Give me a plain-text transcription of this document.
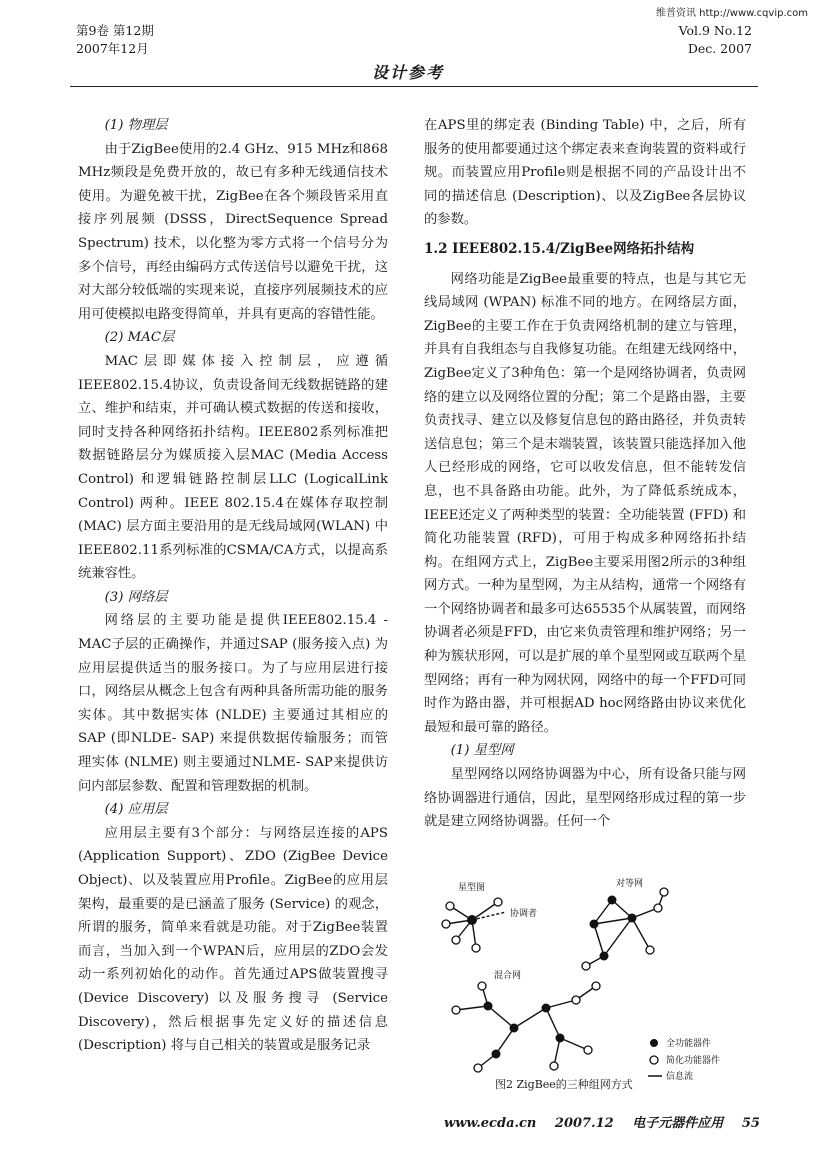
维普资讯 http://www.cqvip.com
第9卷 第12期
2007年12月
设计参考
Vol.9 No.12
Dec. 2007

(1) 物理层

由于ZigBee使用的2.4 GHz、915 MHz和868 MHz频段是免费开放的，故已有多种无线通信技术使用。为避免被干扰，ZigBee在各个频段皆采用直接序列展频 (DSSS，DirectSequence Spread Spectrum) 技术，以化整为零方式将一个信号分为多个信号，再经由编码方式传送信号以避免干扰，这对大部分较低端的实现来说，直接序列展频技术的应用可使模拟电路变得简单，并具有更高的容错性能。

(2) MAC层

MAC层即媒体接入控制层，应遵循IEEE802.15.4协议，负责设备间无线数据链路的建立、维护和结束，并可确认模式数据的传送和接收，同时支持各种网络拓扑结构。IEEE802系列标准把数据链路层分为媒质接入层MAC (Media Access Control) 和逻辑链路控制层LLC (LogicalLink Control) 两种。IEEE 802.15.4在媒体存取控制 (MAC) 层方面主要沿用的是无线局域网(WLAN) 中IEEE802.11系列标准的CSMA/CA方式，以提高系统兼容性。

(3) 网络层

网络层的主要功能是提供IEEE802.15.4 - MAC子层的正确操作，并通过SAP (服务接入点) 为应用层提供适当的服务接口。为了与应用层进行接口，网络层从概念上包含有两种具备所需功能的服务实体。其中数据实体 (NLDE) 主要通过其相应的SAP (即NLDE- SAP) 来提供数据传输服务；而管理实体 (NLME) 则主要通过NLME- SAP来提供访问内部层参数、配置和管理数据的机制。

(4) 应用层

应用层主要有3个部分：与网络层连接的APS (Application Support)、ZDO (ZigBee Device Object)、以及装置应用Profile。ZigBee的应用层架构，最重要的是已涵盖了服务 (Service) 的观念，所谓的服务，简单来看就是功能。对于ZigBee装置而言，当加入到一个WPAN后，应用层的ZDO会发动一系列初始化的动作。首先通过APS做装置搜寻 (Device Discovery) 以及服务搜寻 (Service Discovery)，然后根据事先定义好的描述信息 (Description) 将与自己相关的装置或是服务记录

在APS里的绑定表 (Binding Table) 中，之后，所有服务的使用都要通过这个绑定表来查询装置的资料或行规。而装置应用Profile则是根据不同的产品设计出不同的描述信息 (Description)、以及ZigBee各层协议的参数。

1.2 IEEE802.15.4/ZigBee网络拓扑结构

网络功能是ZigBee最重要的特点，也是与其它无线局域网 (WPAN) 标准不同的地方。在网络层方面，ZigBee的主要工作在于负责网络机制的建立与管理，并具有自我组态与自我修复功能。在组建无线网络中，ZigBee定义了3种角色：第一个是网络协调者，负责网络的建立以及网络位置的分配；第二个是路由器，主要负责找寻、建立以及修复信息包的路由路径，并负责转送信息包；第三个是末端装置，该装置只能选择加入他人已经形成的网络，它可以收发信息，但不能转发信息，也不具备路由功能。此外，为了降低系统成本，IEEE还定义了两种类型的装置：全功能装置 (FFD) 和简化功能装置 (RFD)，可用于构成多种网络拓扑结构。在组网方式上，ZigBee主要采用图2所示的3种组网方式。一种为星型网，为主从结构，通常一个网络有一个网络协调者和最多可达65535个从属装置，而网络协调者必须是FFD，由它来负责管理和维护网络；另一种为簇状形网，可以是扩展的单个星型网或互联两个星型网络；再有一种为网状网，网络中的每一个FFD可同时作为路由器，并可根据AD hoc网络路由协议来优化最短和最可靠的路径。

(1) 星型网

星型网络以网络协调器为中心，所有设备只能与网络协调器进行通信，因此，星型网络形成过程的第一步就是建立网络协调器。任何一个

星型图
协调者
对等网
混合网
全功能器件
简化功能器件
信息流
图2 ZigBee的三种组网方式
www.ecdа.cn 2007.12 电子元器件应用 55
